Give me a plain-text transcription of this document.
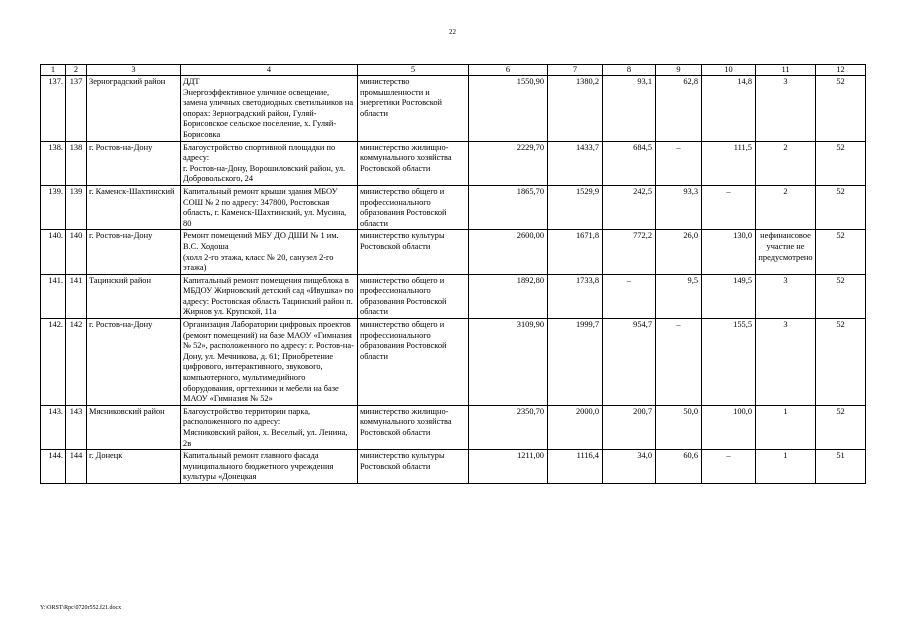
22
1	2	3	4	5	6	7	8	9	10	11	12
137.	137	Зерноградский район	ДДТ
Энергоэффективное уличное освещение, замена уличных светодиодных светильников на опорах: Зерноградский район, Гуляй-Борисовское сельское поселение, х. Гуляй-Борисовка	министерство промышленности и энергетики Ростовской области	1550,90	1380,2	93,1	62,8	14,8	3	52
138.	138	г. Ростов-на-Дону	Благоустройство спортивной площадки по адресу:
г. Ростов-на-Дону, Ворошиловский район, ул. Добровольского, 24	министерство жилищно-коммунального хозяйства Ростовской области	2229,70	1433,7	684,5	–	111,5	2	52
139.	139	г. Каменск-Шахтинский	Капитальный ремонт крыши здания МБОУ СОШ № 2 по адресу: 347800, Ростовская область, г. Каменск-Шахтинский, ул. Мусина, 80	министерство общего и профессионального образования Ростовской области	1865,70	1529,9	242,5	93,3	–	2	52
140.	140	г. Ростов-на-Дону	Ремонт помещений МБУ ДО ДШИ № 1 им. В.С. Ходоша
(холл 2-го этажа, класс № 20, санузел 2-го этажа)	министерство культуры Ростовской области	2600,00	1671,8	772,2	26,0	130,0	нефинансовое участие не предусмотрено	52
141.	141	Тацинский район	Капитальный ремонт помещения пищеблока в МБДОУ Жирновский детский сад «Ивушка» по адресу: Ростовская область Тацинский район п. Жирнов ул. Крупской, 11а	министерство общего и профессионального образования Ростовской области	1892,80	1733,8	–	9,5	149,5	3	52
142.	142	г. Ростов-на-Дону	Организация Лаборатории цифровых проектов (ремонт помещений) на базе МАОУ «Гимназия № 52», расположенного по адресу: г. Ростов-на-Дону, ул. Мечникова, д. 61; Приобретение цифрового, интерактивного, звукового, компьютерного, мультимедийного оборудования, оргтехники и мебели на базе МАОУ «Гимназия № 52»	министерство общего и профессионального образования Ростовской области	3109,90	1999,7	954,7	–	155,5	3	52
143.	143	Мясниковский район	Благоустройство территории парка, расположенного по адресу:
Мясниковский район, х. Веселый, ул. Ленина, 2в	министерство жилищно-коммунального хозяйства Ростовской области	2350,70	2000,0	200,7	50,0	100,0	1	52
144.	144	г. Донецк	Капитальный ремонт главного фасада муниципального бюджетного учреждения культуры «Донецкая	министерство культуры Ростовской области	1211,00	1116,4	34,0	60,6	–	1	51
Y:\ORST\Rpc\0720r552.f21.docx
